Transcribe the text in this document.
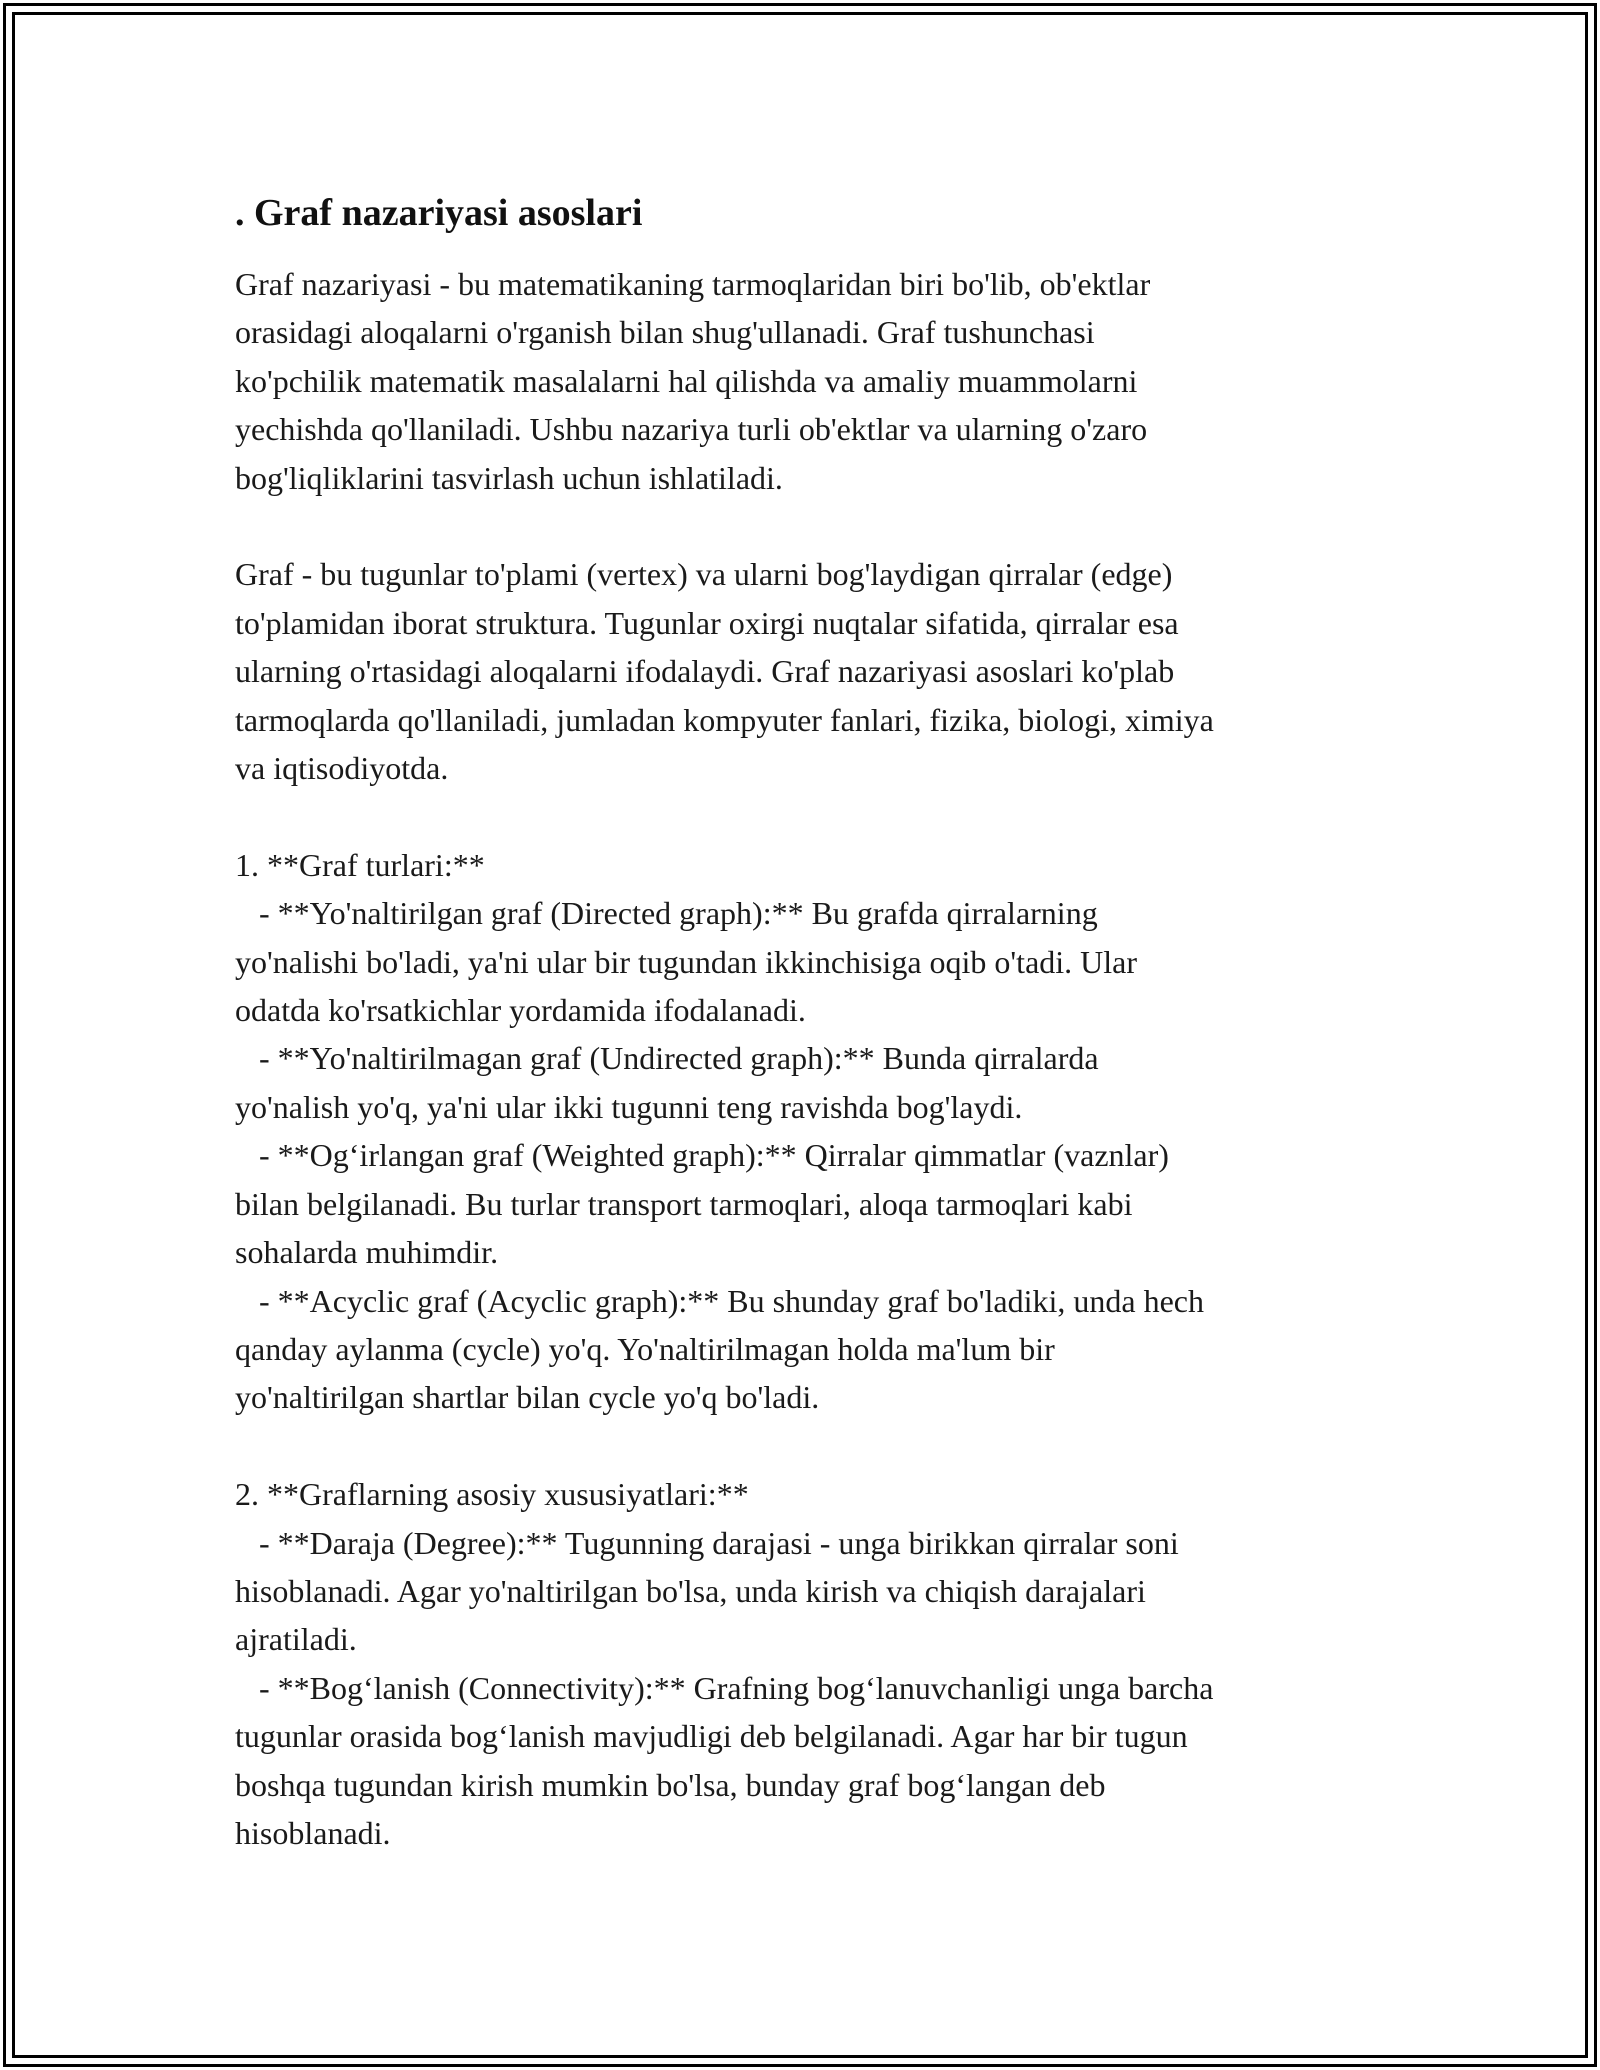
. Graf nazariyasi asoslari
Graf nazariyasi - bu matematikaning tarmoqlaridan biri bo'lib, ob'ektlar
orasidagi aloqalarni o'rganish bilan shug'ullanadi. Graf tushunchasi
ko'pchilik matematik masalalarni hal qilishda va amaliy muammolarni
yechishda qo'llaniladi. Ushbu nazariya turli ob'ektlar va ularning o'zaro
bog'liqliklarini tasvirlash uchun ishlatiladi.
Graf - bu tugunlar to'plami (vertex) va ularni bog'laydigan qirralar (edge)
to'plamidan iborat struktura. Tugunlar oxirgi nuqtalar sifatida, qirralar esa
ularning o'rtasidagi aloqalarni ifodalaydi. Graf nazariyasi asoslari ko'plab
tarmoqlarda qo'llaniladi, jumladan kompyuter fanlari, fizika, biologi, ximiya
va iqtisodiyotda.
1. **Graf turlari:**
- **Yo'naltirilgan graf (Directed graph):** Bu grafda qirralarning
yo'nalishi bo'ladi, ya'ni ular bir tugundan ikkinchisiga oqib o'tadi. Ular
odatda ko'rsatkichlar yordamida ifodalanadi.
- **Yo'naltirilmagan graf (Undirected graph):** Bunda qirralarda
yo'nalish yo'q, ya'ni ular ikki tugunni teng ravishda bog'laydi.
- **Og‘irlangan graf (Weighted graph):** Qirralar qimmatlar (vaznlar)
bilan belgilanadi. Bu turlar transport tarmoqlari, aloqa tarmoqlari kabi
sohalarda muhimdir.
- **Acyclic graf (Acyclic graph):** Bu shunday graf bo'ladiki, unda hech
qanday aylanma (cycle) yo'q. Yo'naltirilmagan holda ma'lum bir
yo'naltirilgan shartlar bilan cycle yo'q bo'ladi.
2. **Graflarning asosiy xususiyatlari:**
- **Daraja (Degree):** Tugunning darajasi - unga birikkan qirralar soni
hisoblanadi. Agar yo'naltirilgan bo'lsa, unda kirish va chiqish darajalari
ajratiladi.
- **Bog‘lanish (Connectivity):** Grafning bog‘lanuvchanligi unga barcha
tugunlar orasida bog‘lanish mavjudligi deb belgilanadi. Agar har bir tugun
boshqa tugundan kirish mumkin bo'lsa, bunday graf bog‘langan deb
hisoblanadi.
